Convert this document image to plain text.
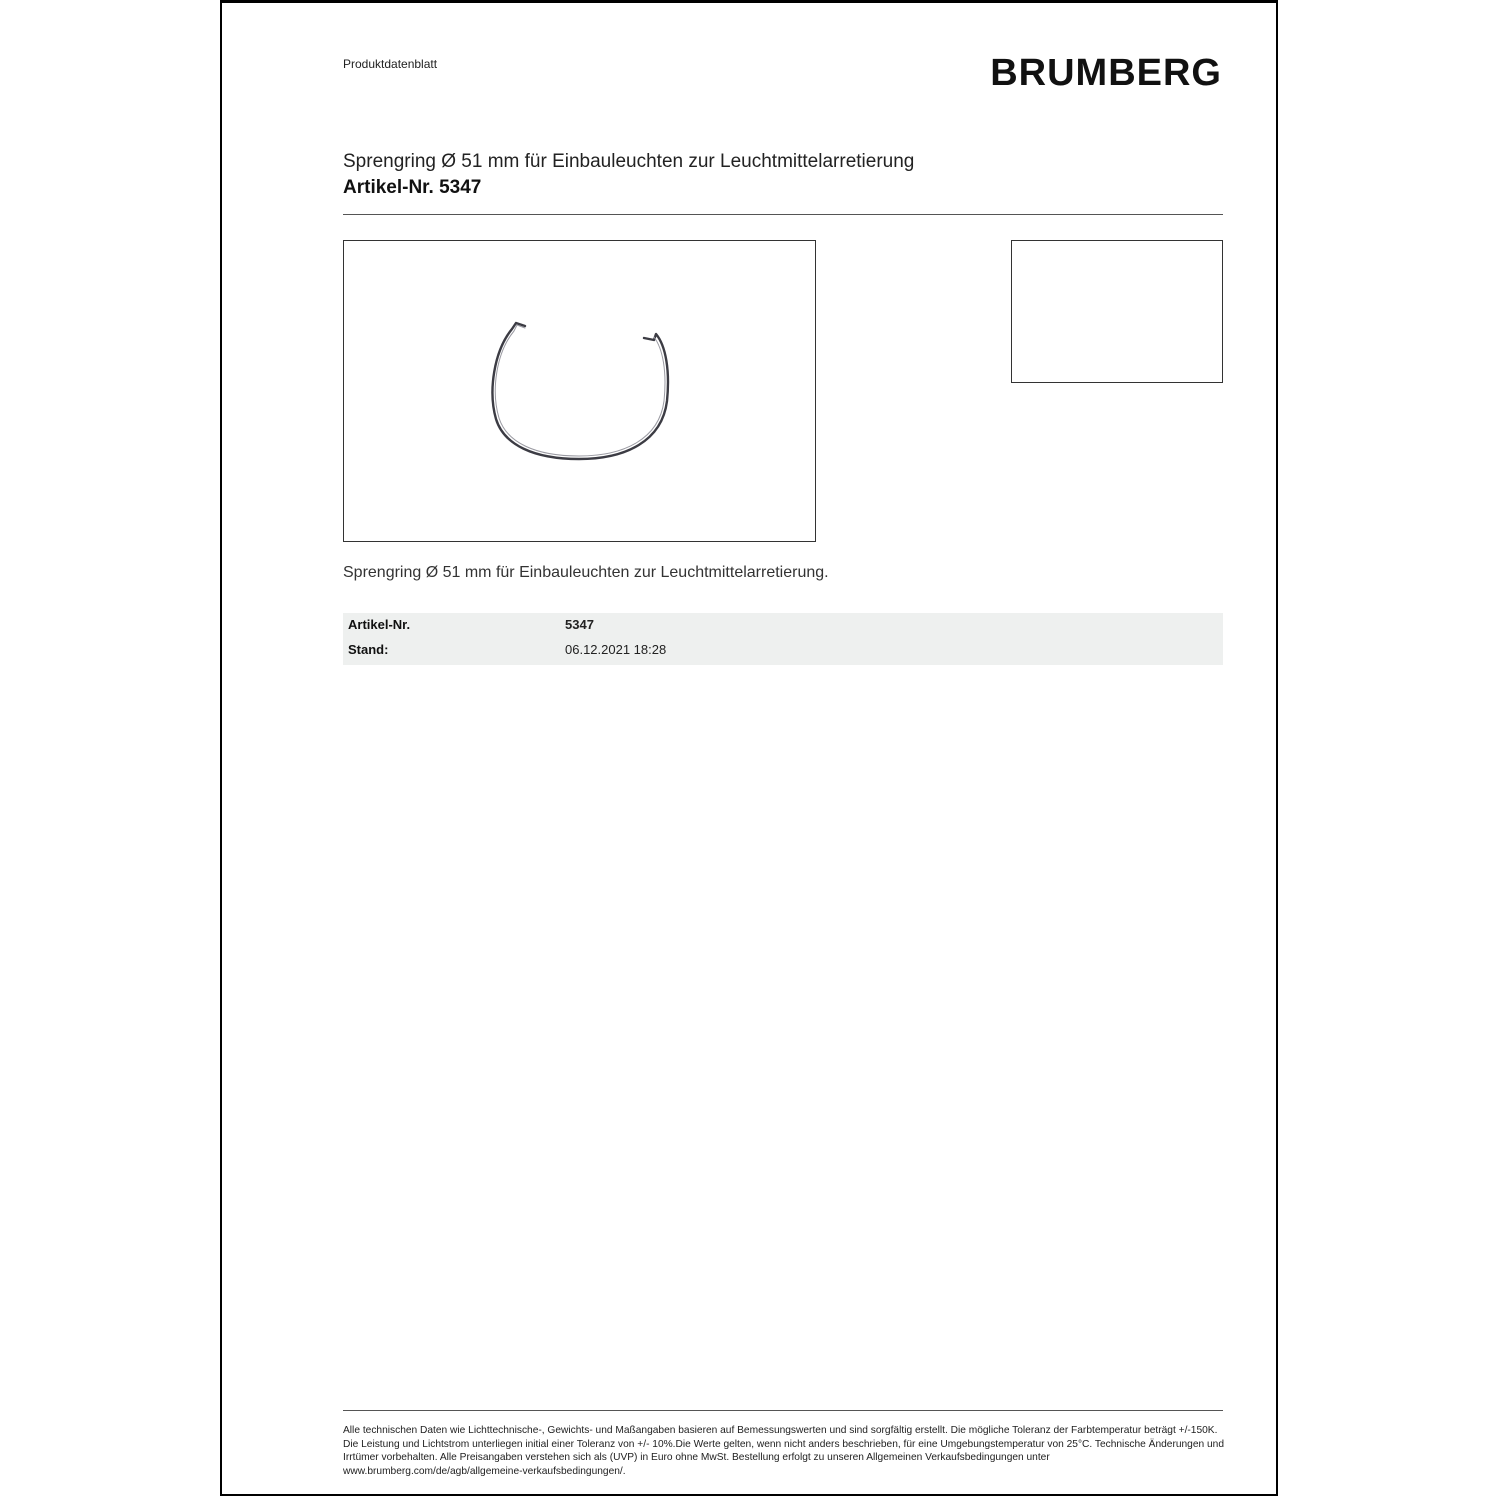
Produktdatenblatt	BRUMBERG
Sprengring Ø 51 mm für Einbauleuchten zur Leuchtmittelarretierung
Artikel-Nr. 5347
Sprengring Ø 51 mm für Einbauleuchten zur Leuchtmittelarretierung.
Artikel-Nr.	5347
Stand:	06.12.2021 18:28
Alle technischen Daten wie Lichttechnische-, Gewichts- und Maßangaben basieren auf Bemessungswerten und sind sorgfältig erstellt. Die mögliche Toleranz der Farbtemperatur beträgt +/-150K. Die Leistung und Lichtstrom unterliegen initial einer Toleranz von +/- 10%.Die Werte gelten, wenn nicht anders beschrieben, für eine Umgebungstemperatur von 25°C. Technische Änderungen und Irrtümer vorbehalten. Alle Preisangaben verstehen sich als (UVP) in Euro ohne MwSt. Bestellung erfolgt zu unseren Allgemeinen Verkaufsbedingungen unter www.brumberg.com/de/agb/allgemeine-verkaufsbedingungen/.
